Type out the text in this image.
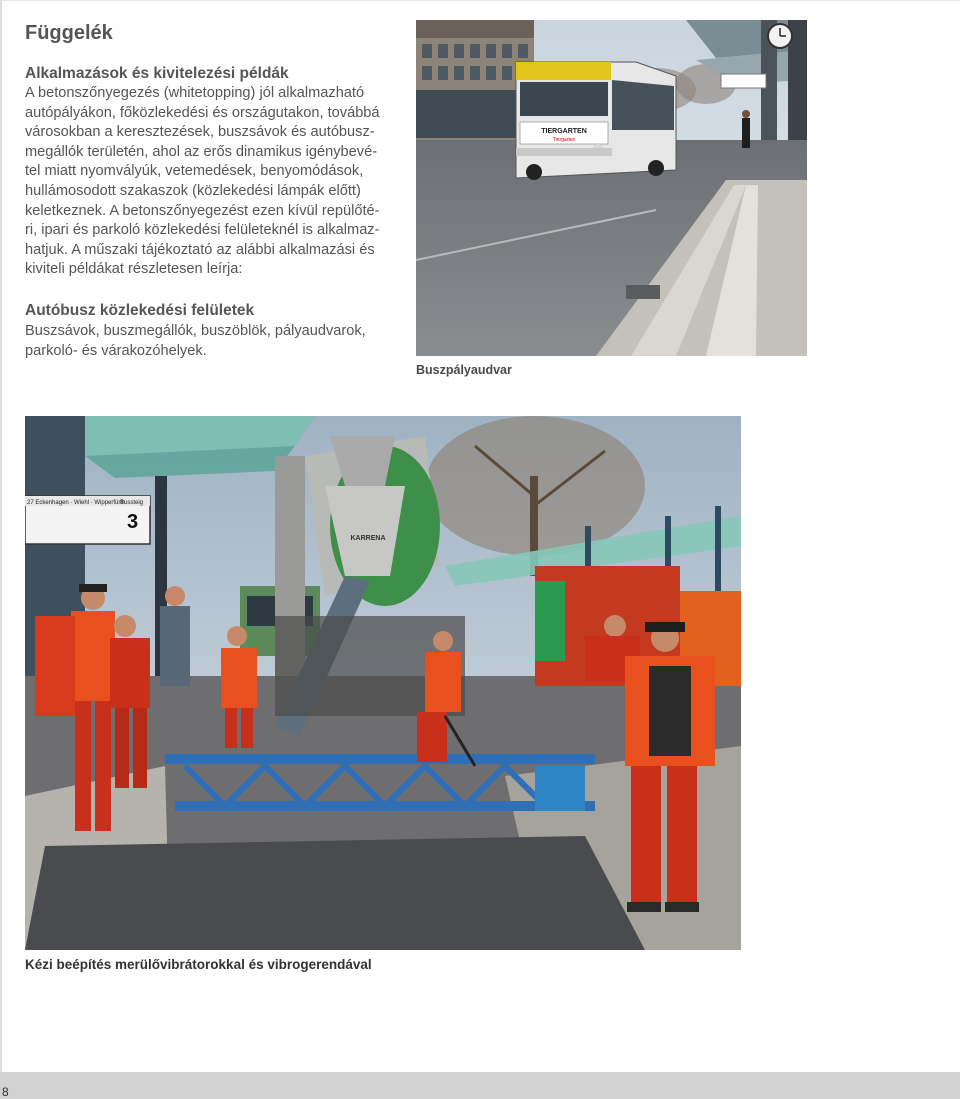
Függelék
Alkalmazások és kivitelezési példák

A betonszőnyegezés (whitetopping) jól alkalmazható
autópályákon, főközlekedési és országutakon, továbbá
városokban a keresztezések, buszsávok és autóbusz-
megállók területén, ahol az erős dinamikus igénybevé-
tel miatt nyomvályúk, vetemedések, benyomódások,
hullámosodott szakaszok (közlekedési lámpák előtt)
keletkeznek. A betonszőnyegezést ezen kívül repülőté-
ri, ipari és parkoló közlekedési felületeknél is alkalmaz-
hatjuk. A műszaki tájékoztató az alábbi alkalmazási és
kiviteli példákat részletesen leírja:

Autóbusz közlekedési felületek

Buszsávok, buszmegállók, buszöblök, pályaudvarok,
parkoló- és várakozóhelyek.

TIERGARTEN
Tiergarten

Buszpályaudvar

27 Eckenhagen · Wiehl · Wipperfürth
Bussteig
3
KARRENA

Kézi beépítés merülővibrátorokkal és vibrogerendával

8
